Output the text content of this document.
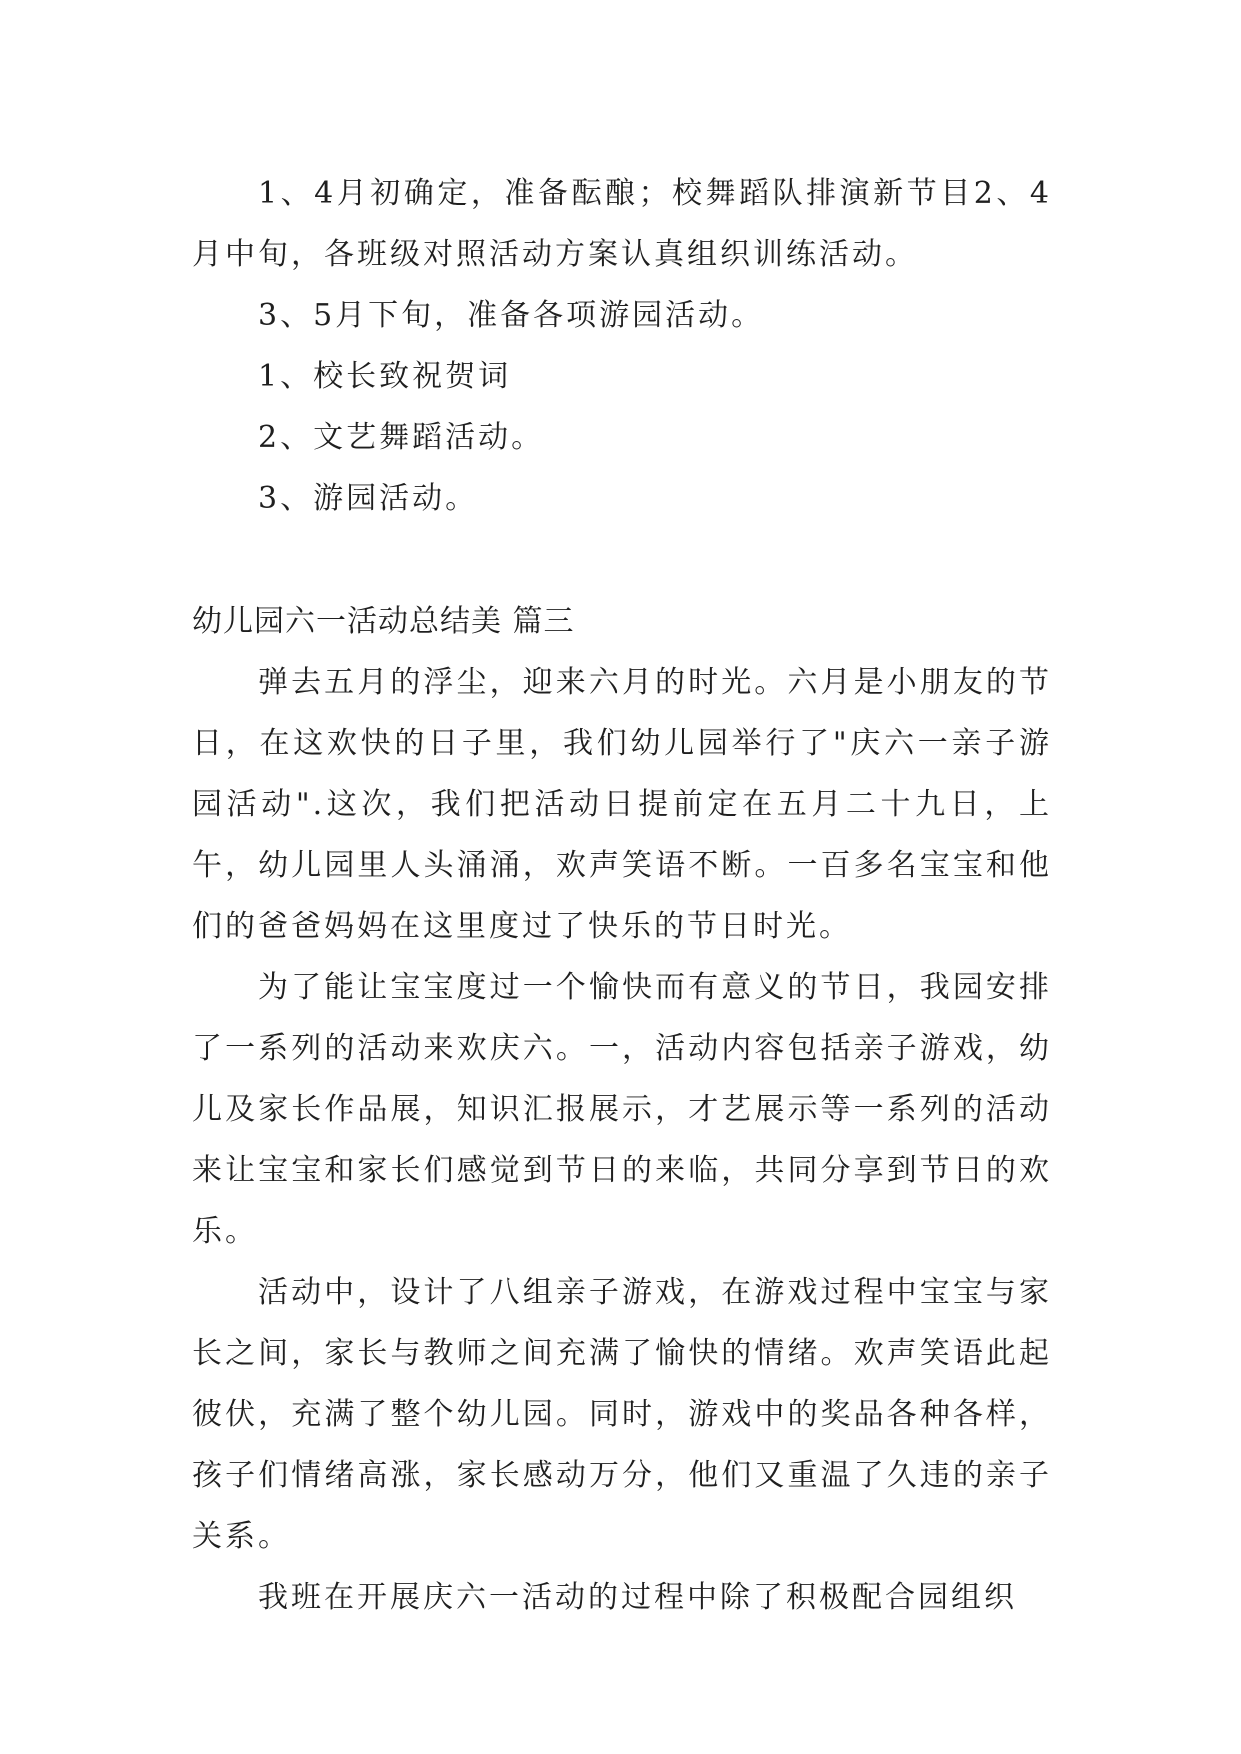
1、4月初确定，准备酝酿；校舞蹈队排演新节目2、4月中旬，各班级对照活动方案认真组织训练活动。

3、5月下旬，准备各项游园活动。

1、校长致祝贺词

2、文艺舞蹈活动。

3、游园活动。

幼儿园六一活动总结美 篇三

弹去五月的浮尘，迎来六月的时光。六月是小朋友的节日，在这欢快的日子里，我们幼儿园举行了"庆六一亲子游园活动".这次，我们把活动日提前定在五月二十九日，上午，幼儿园里人头涌涌，欢声笑语不断。一百多名宝宝和他们的爸爸妈妈在这里度过了快乐的节日时光。

为了能让宝宝度过一个愉快而有意义的节日，我园安排了一系列的活动来欢庆六。一，活动内容包括亲子游戏，幼儿及家长作品展，知识汇报展示，才艺展示等一系列的活动来让宝宝和家长们感觉到节日的来临，共同分享到节日的欢乐。

活动中，设计了八组亲子游戏，在游戏过程中宝宝与家长之间，家长与教师之间充满了愉快的情绪。欢声笑语此起彼伏，充满了整个幼儿园。同时，游戏中的奖品各种各样，孩子们情绪高涨，家长感动万分，他们又重温了久违的亲子关系。

我班在开展庆六一活动的过程中除了积极配合园组织
